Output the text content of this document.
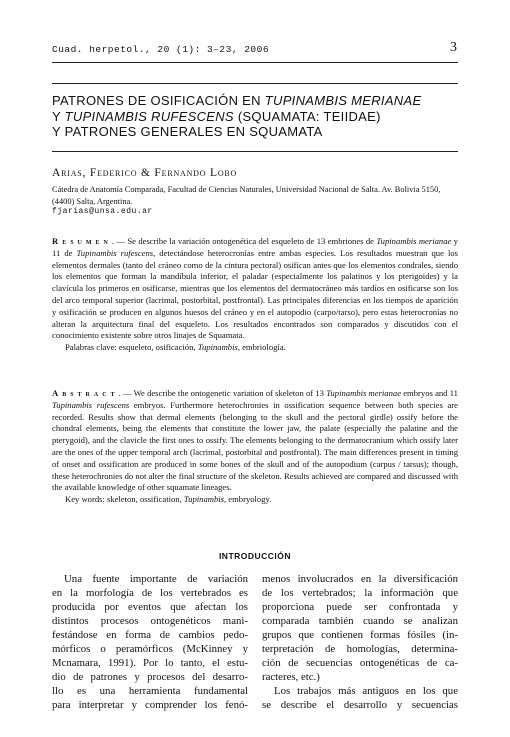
Cuad. herpetol., 20 (1): 3–23, 2006	3
PATRONES DE OSIFICACIÓN EN TUPINAMBIS MERIANAE
Y TUPINAMBIS RUFESCENS (SQUAMATA: TEIIDAE)
Y PATRONES GENERALES EN SQUAMATA
Arias, Federico & Fernando Lobo
Cátedra de Anatomía Comparada, Facultad de Ciencias Naturales, Universidad Nacional de Salta. Av. Bolivia 5150, (4400) Salta, Argentina.
fjarias@unsa.edu.ar
Resumen. — Se describe la variación ontogenética del esqueleto de 13 embriones de Tupinambis merianae y 11 de Tupinambis rufescens, detectándose heterocronías entre ambas especies. Los resultados muestran que los elementos dermales (tanto del cráneo como de la cintura pectoral) osifican antes que los elementos condrales, siendo los elementos que forman la mandíbula inferior, el paladar (especialmente los palatinos y los pterigoides) y la clavícula los primeros en osificarse, mientras que los elementos del dermatocráneo más tardíos en osificarse son los del arco temporal superior (lacrimal, postorbital, postfrontal). Las principales diferencias en los tiempos de aparición y osificación se producen en algunos huesos del cráneo y en el autopodio (carpo/tarso), pero estas heterocronías no alteran la arquitectura final del esqueleto. Los resultados encontrados son comparados y discutidos con el conocimiento existente sobre otros linajes de Squamata.
Palabras clave: esqueleto, osificación, Tupinambis, embriología.
Abstract. — We describe the ontogenetic variation of skeleton of 13 Tupinambis merianae embryos and 11 Tupinambis rufescens embryos. Furthermore heterochronies in ossification sequence between both species are recorded. Results show that dermal elements (belonging to the skull and the pectoral girdle) ossify before the chondral elements, being the elements that constitute the lower jaw, the palate (especially the palatine and the pterygoid), and the clavicle the first ones to ossify. The elements belonging to the dermatocranium which ossify later are the ones of the upper temporal arch (lacrimal, postorbital and postfrontal). The main differences present in timing of onset and ossification are produced in some bones of the skull and of the autopodium (carpus / tarsus); though, these heterochronies do not alter the final structure of the skeleton. Results achieved are compared and discussed with the available knowledge of other squamate lineages.
Key words: skeleton, ossification, Tupinambis, embryology.
INTRODUCCIÓN
Una fuente importante de variación
en la morfología de los vertebrados es
producida por eventos que afectan los
distintos procesos ontogenéticos mani-
festándose en forma de cambios pedo-
mórficos o peramórficos (McKinney y
Mcnamara, 1991). Por lo tanto, el estu-
dio de patrones y procesos del desarro-
llo es una herramienta fundamental
para interpretar y comprender los fenó-
menos involucrados en la diversificación
de los vertebrados; la información que
proporciona puede ser confrontada y
comparada también cuando se analizan
grupos que contienen formas fósiles (in-
terpretación de homologías, determina-
ción de secuencias ontogenéticas de ca-
racteres, etc.)
Los trabajos más antiguos en los que
se describe el desarrollo y secuencias
